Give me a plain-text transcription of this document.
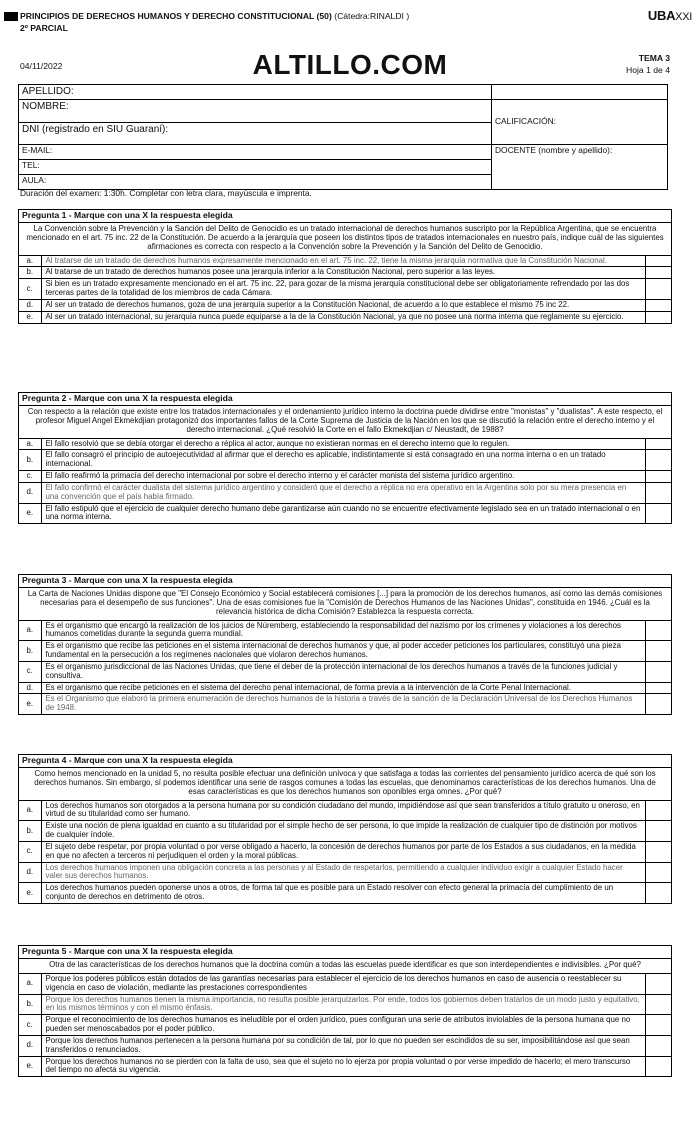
PRINCIPIOS DE DERECHOS HUMANOS Y DERECHO CONSTITUCIONAL (50) (Cátedra:RINALDI )
2º PARCIAL
UBAXXI
04/11/2022	ALTILLO.COM	TEMA 3
Hoja 1 de 4
APELLIDO:	
NOMBRE:	CALIFICACIÓN:
DNI (registrado en SIU Guaraní):	
E-MAIL:	DOCENTE (nombre y apellido):
TEL:	
AULA:	
Duración del examen: 1:30h. Completar con letra clara, mayúscula e imprenta.
Pregunta 1 - Marque con una X la respuesta elegida
La Convención sobre la Prevención y la Sanción del Delito de Genocidio es un tratado internacional de derechos humanos suscripto por la República Argentina, que se encuentra mencionado en el art. 75 inc. 22 de la Constitución. De acuerdo a la jerarquía que poseen los distintos tipos de tratados internacionales en nuestro país, indique cuál de las siguientes afirmaciones es correcta con respecto a la Convención sobre la Prevención y la Sanción del Delito de Genocidio.
a.	Al tratarse de un tratado de derechos humanos expresamente mencionado en el art. 75 inc. 22, tiene la misma jerarquía normativa que la Constitución Nacional.	
b.	Al tratarse de un tratado de derechos humanos posee una jerarquía inferior a la Constitución Nacional, pero superior a las leyes.	
c.	Si bien es un tratado expresamente mencionado en el art. 75 inc. 22, para gozar de la misma jerarquía constitucional debe ser obligatoriamente refrendado por las dos terceras partes de la totalidad de los miembros de cada Cámara.	
d.	Al ser un tratado de derechos humanos, goza de una jerarquía superior a la Constitución Nacional, de acuerdo a lo que establece el mismo 75 inc 22.	
e.	Al ser un tratado internacional, su jerarquía nunca puede equiparse a la de la Constitución Nacional, ya que no posee una norma interna que reglamente su ejercicio.	
Pregunta 2 - Marque con una X la respuesta elegida
Con respecto a la relación que existe entre los tratados internacionales y el ordenamiento jurídico interno la doctrina puede dividirse entre "monistas" y "dualistas". A este respecto, el profesor Miguel Angel Ekmekdjian protagonizó dos importantes fallos de la Corte Suprema de Justicia de la Nación en los que se discutió la relación entre el derecho interno y el derecho internacional. ¿Qué resolvió la Corte en el fallo Ekmekdjian c/ Neustadt, de 1988?
a.	El fallo resolvió que se debía otorgar el derecho a réplica al actor, aunque no existieran normas en el derecho interno que lo regulen.	
b.	El fallo consagró el principio de autoejecutividad al afirmar que el derecho es aplicable, indistintamente si está consagrado en una norma interna o en un tratado internacional.	
c.	El fallo reafirmó la primacía del derecho internacional por sobre el derecho interno y el carácter monista del sistema jurídico argentino.	
d.	El fallo confirmó el carácter dualista del sistema jurídico argentino y consideró que el derecho a réplica no era operativo en la Argentina solo por su mera presencia en una convención que el país había firmado.	
e.	El fallo estipuló que el ejercicio de cualquier derecho humano debe garantizarse aún cuando no se encuentre efectivamente legislado sea en un tratado internacional o en una norma interna.	
Pregunta 3 - Marque con una X la respuesta elegida
La Carta de Naciones Unidas dispone que "El Consejo Económico y Social establecerá comisiones [...] para la promoción de los derechos humanos, así como las demás comisiones necesarias para el desempeño de sus funciones". Una de esas comisiones fue la "Comisión de Derechos Humanos de las Naciones Unidas", constituida en 1946. ¿Cuál es la relevancia histórica de dicha Comisión? Establezca la respuesta correcta.
a.	Es el organismo que encargó la realización de los juicios de Núremberg, estableciendo la responsabilidad del nazismo por los crímenes y violaciones a los derechos humanos cometidas durante la segunda guerra mundial.	
b.	Es el organismo que recibe las peticiones en el sistema internacional de derechos humanos y que, al poder acceder peticiones los particulares, constituyó una pieza fundamental en la persecución a los regímenes nacionales que violaron derechos humanos.	
c.	Es el organismo jurisdiccional de las Naciones Unidas, que tiene el deber de la protección internacional de los derechos humanos a través de la funciones judicial y consultiva.	
d.	Es el organismo que recibe peticiones en el sistema del derecho penal internacional, de forma previa a la intervención de la Corte Penal Internacional.	
e.	Es el Organismo que elaboró la primera enumeración de derechos humanos de la historia a través de la sanción de la Declaración Universal de los Derechos Humanos de 1948.	
Pregunta 4 - Marque con una X la respuesta elegida
Como hemos mencionado en la unidad 5, no resulta posible efectuar una definición unívoca y que satisfaga a todas las corrientes del pensamiento jurídico acerca de qué son los derechos humanos. Sin embargo, sí podemos identificar una serie de rasgos comunes a todas las escuelas, que denominamos características de los derechos humanos. Una de esas características es que los derechos humanos son oponibles erga omnes. ¿Por qué?
a.	Los derechos humanos son otorgados a la persona humana por su condición ciudadano del mundo, impidiéndose así que sean transferidos a título gratuito u oneroso, en virtud de su titularidad como ser humano.	
b.	Existe una noción de plena igualdad en cuanto a su titularidad por el simple hecho de ser persona, lo que impide la realización de cualquier tipo de distinción por motivos de cualquier índole.	
c.	El sujeto debe respetar, por propia voluntad o por verse obligado a hacerlo, la concesión de derechos humanos por parte de los Estados a sus ciudadanos, en la medida en que no afecten a terceros ni perjudiquen el orden y la moral públicas.	
d.	Los derechos humanos imponen una obligación concreta a las personas y al Estado de respetarlos, permitiendo a cualquier individuo exigir a cualquier Estado hacer valer sus derechos humanos.	
e.	Los derechos humanos pueden oponerse unos a otros, de forma tal que es posible para un Estado resolver con efecto general la primacía del cumplimiento de un conjunto de derechos en detrimento de otros.	
Pregunta 5 - Marque con una X la respuesta elegida
Otra de las características de los derechos humanos que la doctrina común a todas las escuelas puede identificar es que son interdependientes e indivisibles. ¿Por qué?
a.	Porque los poderes públicos están dotados de las garantías necesarias para establecer el ejercicio de los derechos humanos en caso de ausencia o reestablecer su vigencia en caso de violación, mediante las prestaciones correspondientes	
b.	Porque los derechos humanos tienen la misma importancia, no resulta posible jerarquizarlos. Por ende, todos los gobiernos deben tratarlos de un modo justo y equitativo, en los mismos términos y con el mismo énfasis.	
c.	Porque el reconocimiento de los derechos humanos es ineludible por el orden jurídico, pues configuran una serie de atributos inviolables de la persona humana que no pueden ser menoscabados por el poder público.	
d.	Porque los derechos humanos pertenecen a la persona humana por su condición de tal, por lo que no pueden ser escindidos de su ser, imposibilitándose así que sean transferidos o renunciados.	
e.	Porque los derechos humanos no se pierden con la falta de uso, sea que el sujeto no lo ejerza por propia voluntad o por verse impedido de hacerlo; el mero transcurso del tiempo no afecta su vigencia.	
